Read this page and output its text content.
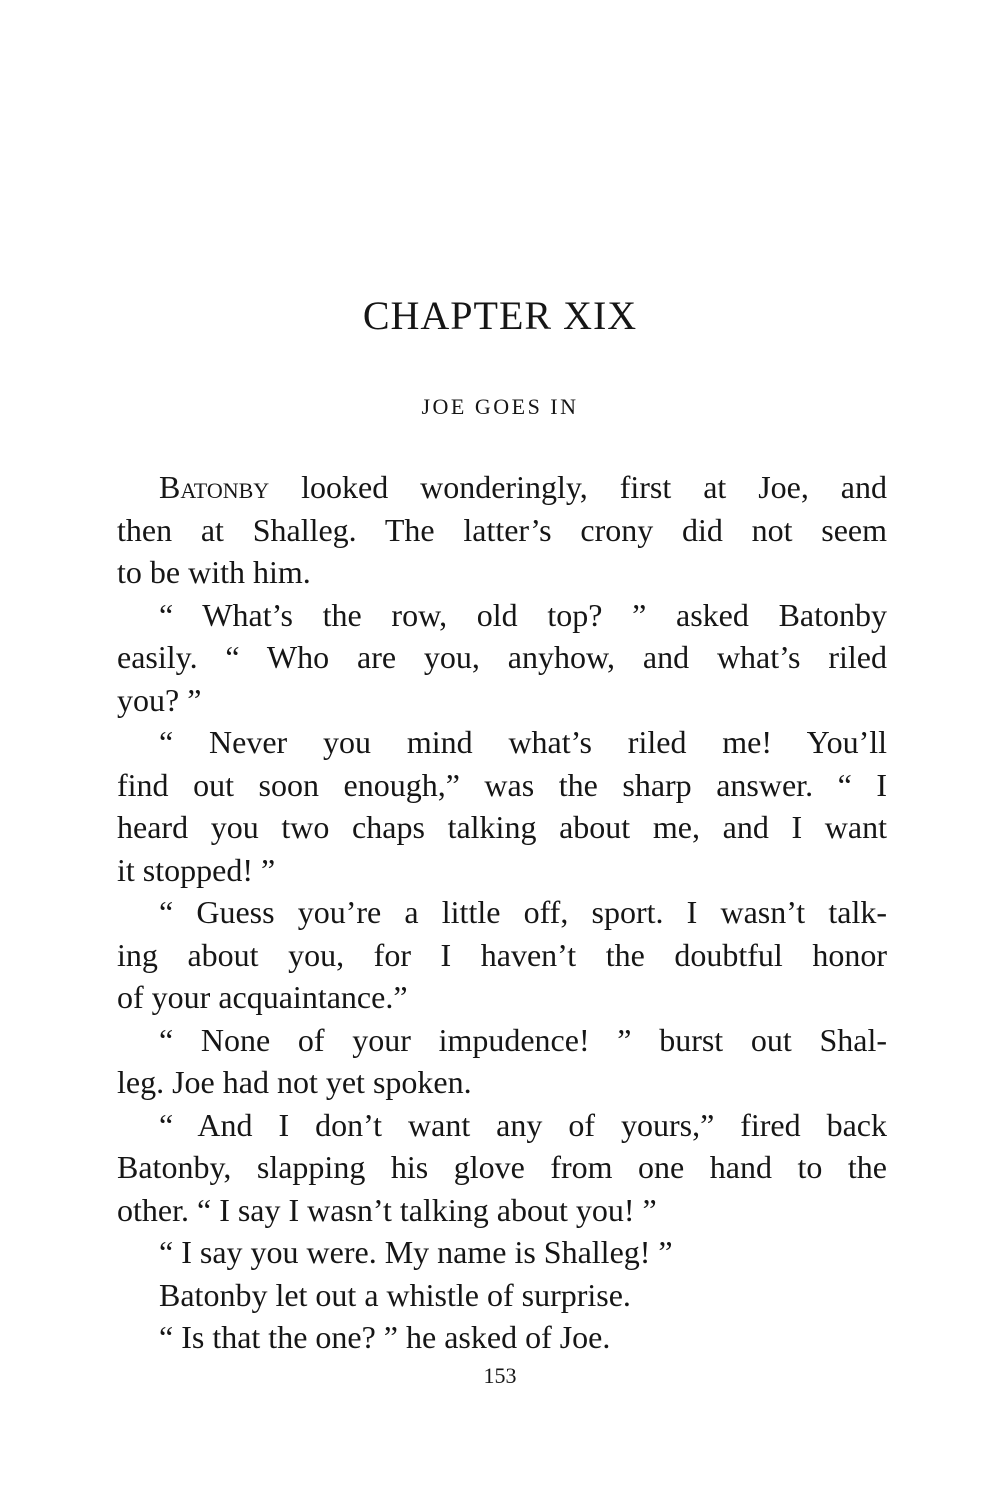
CHAPTER XIX
JOE GOES IN
Batonby looked wonderingly, first at Joe, and
then at Shalleg. The latter’s crony did not seem
to be with him.
“ What’s the row, old top? ” asked Batonby
easily. “ Who are you, anyhow, and what’s riled
you? ”
“ Never you mind what’s riled me! You’ll
find out soon enough,” was the sharp answer. “ I
heard you two chaps talking about me, and I want
it stopped! ”
“ Guess you’re a little off, sport. I wasn’t talk-
ing about you, for I haven’t the doubtful honor
of your acquaintance.”
“ None of your impudence! ” burst out Shal-
leg. Joe had not yet spoken.
“ And I don’t want any of yours,” fired back
Batonby, slapping his glove from one hand to the
other. “ I say I wasn’t talking about you! ”
“ I say you were. My name is Shalleg! ”
Batonby let out a whistle of surprise.
“ Is that the one? ” he asked of Joe.
153
